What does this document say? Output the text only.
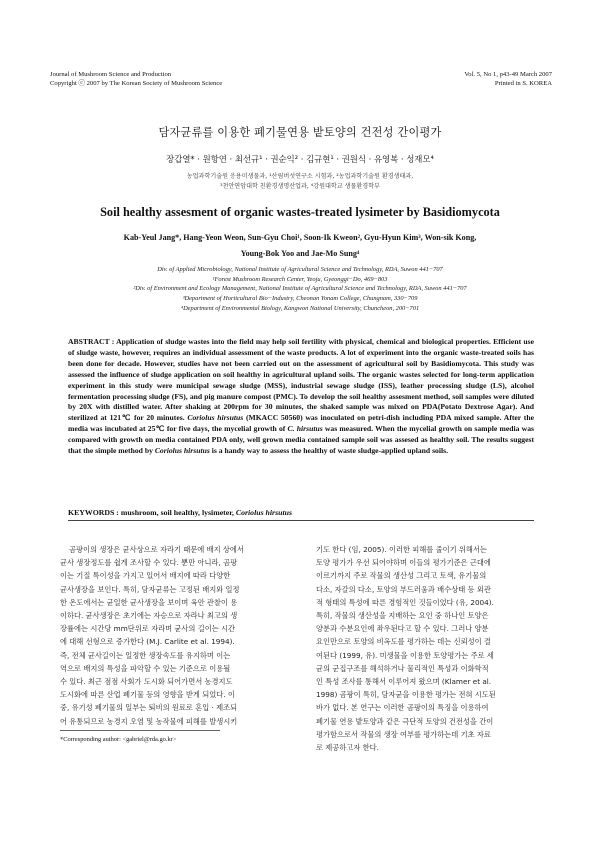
Journal of Mushroom Science and Production
Copyright ⓒ 2007 by The Korean Society of Mushroom Science
Vol. 5, No 1, p43-49 March 2007
Printed in S. KOREA
담자균류를 이용한 폐기물연용 밭토양의 건전성 간이평가
장갑열* · 원항연 · 최선규¹ · 권순익² · 김규현¹ · 권원식 · 유영복 · 성재모⁴
농업과학기술원 응용미생물과, ¹산림버섯연구소 시험과, ²농업과학기술원 환경생태과,
³천안연암대학 친환경생명산업과, ⁴강원대학교 생물환경학부
Soil healthy assesment of organic wastes-treated lysimeter by Basidiomycota
Kab-Yeul Jang*, Hang-Yeon Weon, Sun-Gyu Choi¹, Soon-Ik Kweon², Gyu-Hyun Kim³, Won-sik Kong,
Young-Bok Yoo and Jae-Mo Sung⁴
Div. of Applied Microbiology, National Institute of Agricultural Science and Technology, RDA, Suwon 441−707
¹Forest Mushroom Research Center, Yeoju, Gyeonggi−Do, 469−803
²Div. of Environment and Ecology Management, National Institute of Agricultural Science and Technology, RDA, Suwon 441−707
³Department of Horticultural Bio−Industry, Cheonan Yonam College, Chungnam, 330−709
⁴Department of Environmental Biology, Kangwon National University, Chuncheon, 200−701
ABSTRACT : Application of sludge wastes into the field may help soil fertility with physical, chemical and biological properties. Efficient use of sludge waste, however, requires an individual assessment of the waste products. A lot of experiment into the organic waste-treated soils has been done for decade. However, studies have not been carried out on the assessment of agricultural soil by Basidiomycota. This study was assessed the influence of sludge application on soil healthy in agricultural upland soils. The organic wastes selected for long-term application experiment in this study were municipal sewage sludge (MSS), industrial sewage sludge (ISS), leather processing sludge (LS), alcohol fermentation processing sludge (FS), and pig manure compost (PMC). To develop the soil healthy assesment method, soil samples were diluted by 20X with distilled water. After shaking at 200rpm for 30 minutes, the shaked sample was mixed on PDA(Potato Dextrose Agar). And sterilized at 121℃ for 20 minutes. Coriolus hirsutus (MKACC 50560) was inoculated on petri-dish including PDA mixed sample. After the media was incubated at 25℃ for five days, the mycelial growth of C. hirsutus was measured. When the mycelial growth on sample media was compared with growth on media contained PDA only, well grown media contained sample soil was assesed as healthy soil. The results suggest that the simple method by Coriolus hirsutus is a handy way to assess the healthy of waste sludge-applied upland soils.
KEYWORDS : mushroom, soil healthy, lysimeter, Coriolus hirsutus
곰팡이의 생장은 균사상으로 자라기 때문에 배지 상에서
균사 생장정도를 쉽게 조사할 수 있다. 뿐만 아니라, 곰팡
이는 기질 특이성을 가지고 있어서 배지에 따라 다양한
균사생장을 보인다. 특히, 담자균류는 고정된 배지와 일정
한 온도에서는 균일한 균사생장을 보이며 육안 관찰이 용
이하다. 균사생장은 초기에는 자승으로 자라나 최고의 생
장률에는 시간당 mm단위로 자라며 균사의 길이는 시간
에 대해 선형으로 증가한다 (M.J. Carlite et al. 1994).
즉, 전체 균사길이는 일정한 생장속도를 유지하며 이는
역으로 배지의 특성을 파악할 수 있는 기준으로 이용될
수 있다. 최근 점점 사회가 도시화 되어가면서 농경지도
도시화에 따른 산업 폐기물 등의 영향을 받게 되었다. 이
중, 유기성 폐기물의 일부는 퇴비의 원료로 혼입 · 제조되
어 유통되므로 농경지 오염 및 농작물에 피해를 발생시키
기도 한다 (임, 2005). 이러한 피해를 줄이기 위해서는
토양 평가가 우선 되어야하며 이들의 평가기준은 근대에
이르기까지 주로 작물의 생산성 그리고 토색, 유기물의
다소, 자갈의 다소, 토양의 부드러움과 배수상태 등 외관
적 형태의 특성에 따른 경험적인 것들이었다 (유, 2004).
특히, 작물의 생산성을 지배하는 요인 중 하나인 토양은
양분과 수분요인에 좌우된다고 할 수 있다. 그러나 양분
요인만으로 토양의 비옥도를 평가하는 데는 신뢰성이 결
여된다 (1999, 유). 미생물을 이용한 토양평가는 주로 세
균의 군집구조를 해석하거나 물리적인 특성과 이화학적
인 특성 조사를 통해서 이루어져 왔으며 (Klamer et al.
1998) 곰팡이 특히, 담자균을 이용한 평가는 전혀 시도된
바가 없다. 본 연구는 이러한 곰팡이의 특징을 이용하여
폐기물 연용 밭토양과 같은 극단적 토양의 건전성을 간이
평가함으로서 작물의 생장 여부를 평가하는데 기초 자료
로 제공하고자 한다.
*Corresponding author: <gabriel@rda.go.kr>
